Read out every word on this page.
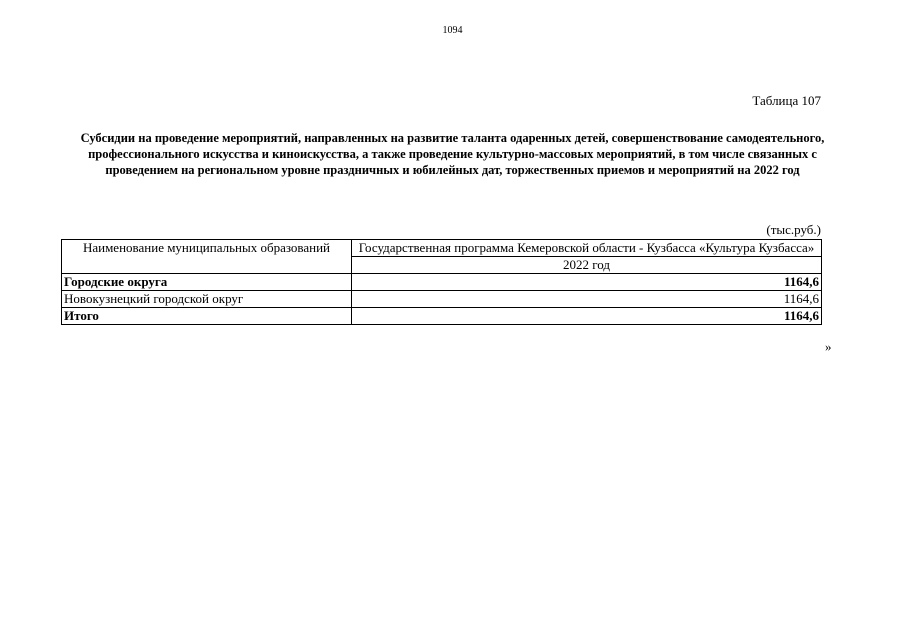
1094
Таблица 107
Субсидии на проведение мероприятий, направленных на развитие таланта одаренных детей, совершенствование самодеятельного, профессионального искусства и киноискусства, а также проведение культурно-массовых мероприятий, в том числе связанных с проведением на региональном уровне праздничных и юбилейных дат, торжественных приемов и мероприятий на 2022 год
(тыс.руб.)
Наименование муниципальных образований	Государственная программа Кемеровской области - Кузбасса «Культура Кузбасса»
	2022 год
Городские округа	1164,6
Новокузнецкий городской округ	1164,6
Итого	1164,6
»
